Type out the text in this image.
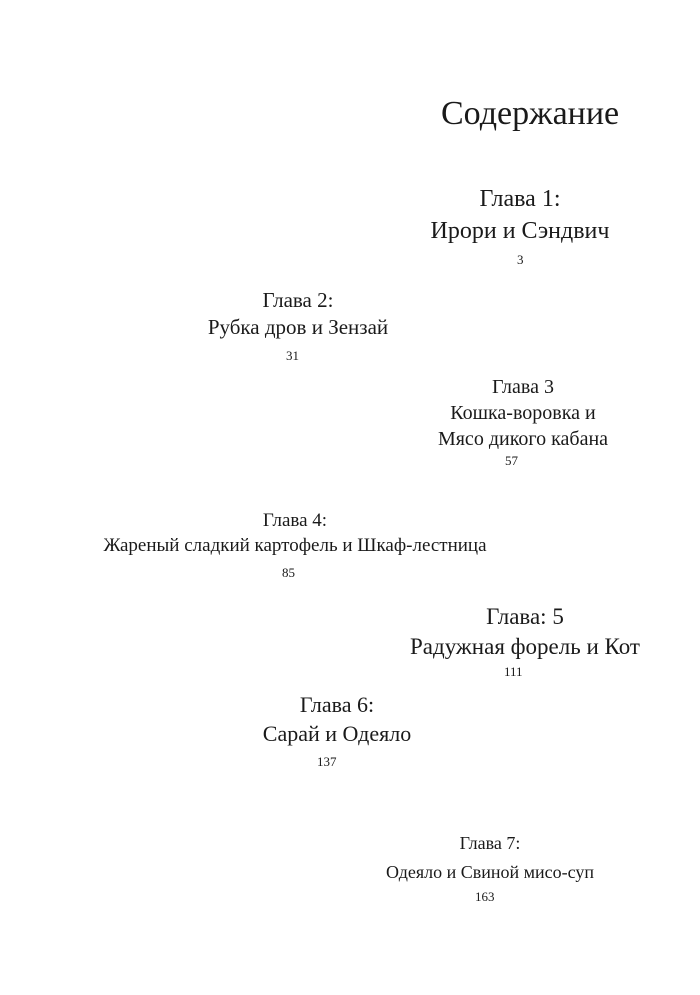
Содержание
Глава 1:
Ирори и Сэндвич
3
Глава 2:
Рубка дров и Зензай
31
Глава 3
Кошка-воровка и
Мясо дикого кабана
57
Глава 4:
Жареный сладкий картофель и Шкаф-лестница
85
Глава: 5
Радужная форель и Кот
111
Глава 6:
Сарай и Одеяло
137
Глава 7:
Одеяло и Свиной мисо-суп
163
